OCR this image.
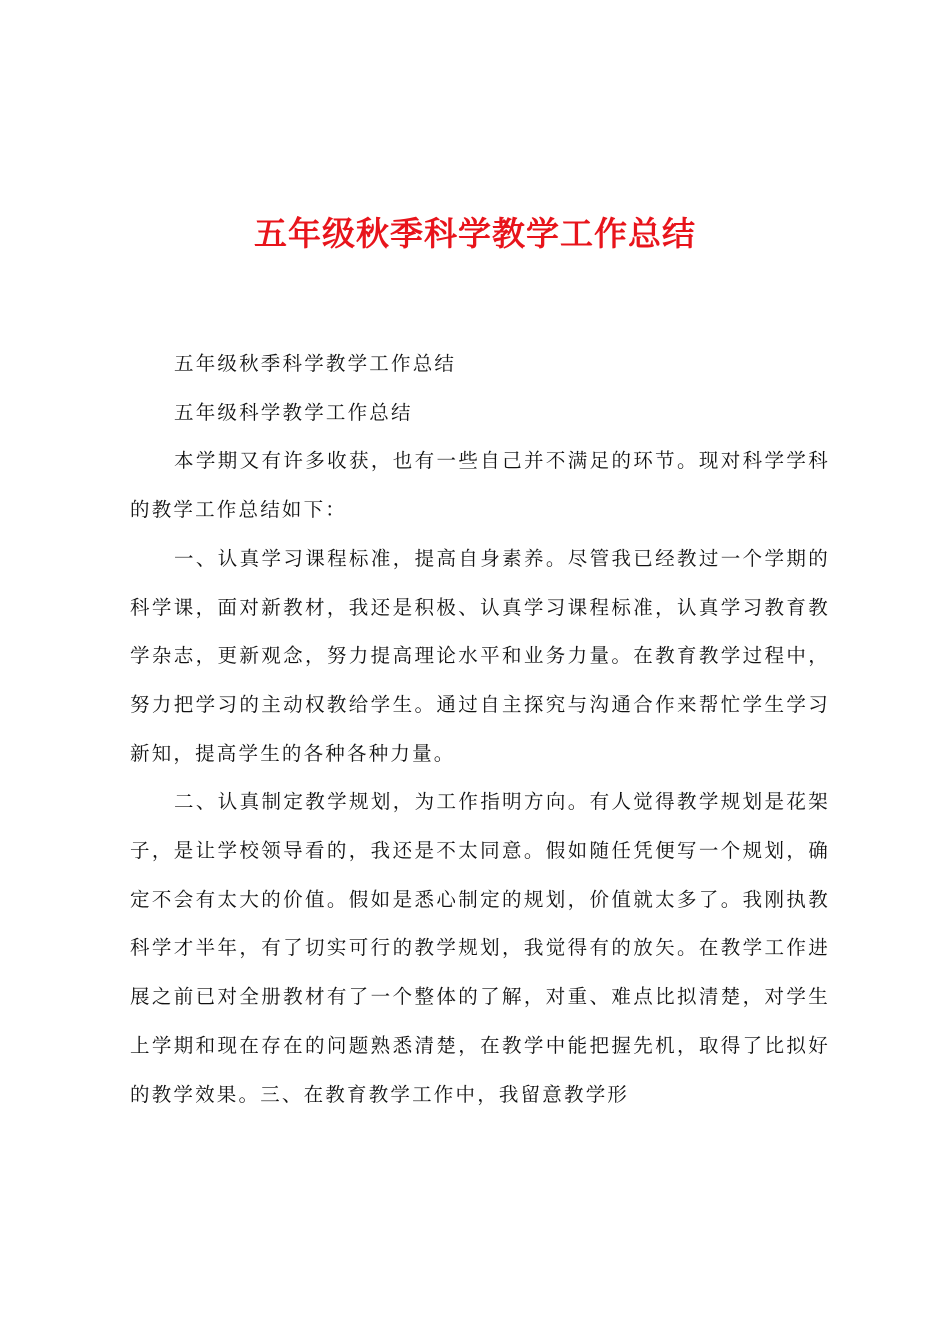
五年级秋季科学教学工作总结

五年级秋季科学教学工作总结

五年级科学教学工作总结

本学期又有许多收获，也有一些自己并不满足的环节。现对科学学科的教学工作总结如下：

一、认真学习课程标准，提高自身素养。尽管我已经教过一个学期的科学课，面对新教材，我还是积极、认真学习课程标准，认真学习教育教学杂志，更新观念，努力提高理论水平和业务力量。在教育教学过程中，努力把学习的主动权教给学生。通过自主探究与沟通合作来帮忙学生学习新知，提高学生的各种各种力量。

二、认真制定教学规划，为工作指明方向。有人觉得教学规划是花架子，是让学校领导看的，我还是不太同意。假如随任凭便写一个规划，确定不会有太大的价值。假如是悉心制定的规划，价值就太多了。我刚执教科学才半年，有了切实可行的教学规划，我觉得有的放矢。在教学工作进展之前已对全册教材有了一个整体的了解，对重、难点比拟清楚，对学生上学期和现在存在的问题熟悉清楚，在教学中能把握先机，取得了比拟好的教学效果。三、在教育教学工作中，我留意教学形
